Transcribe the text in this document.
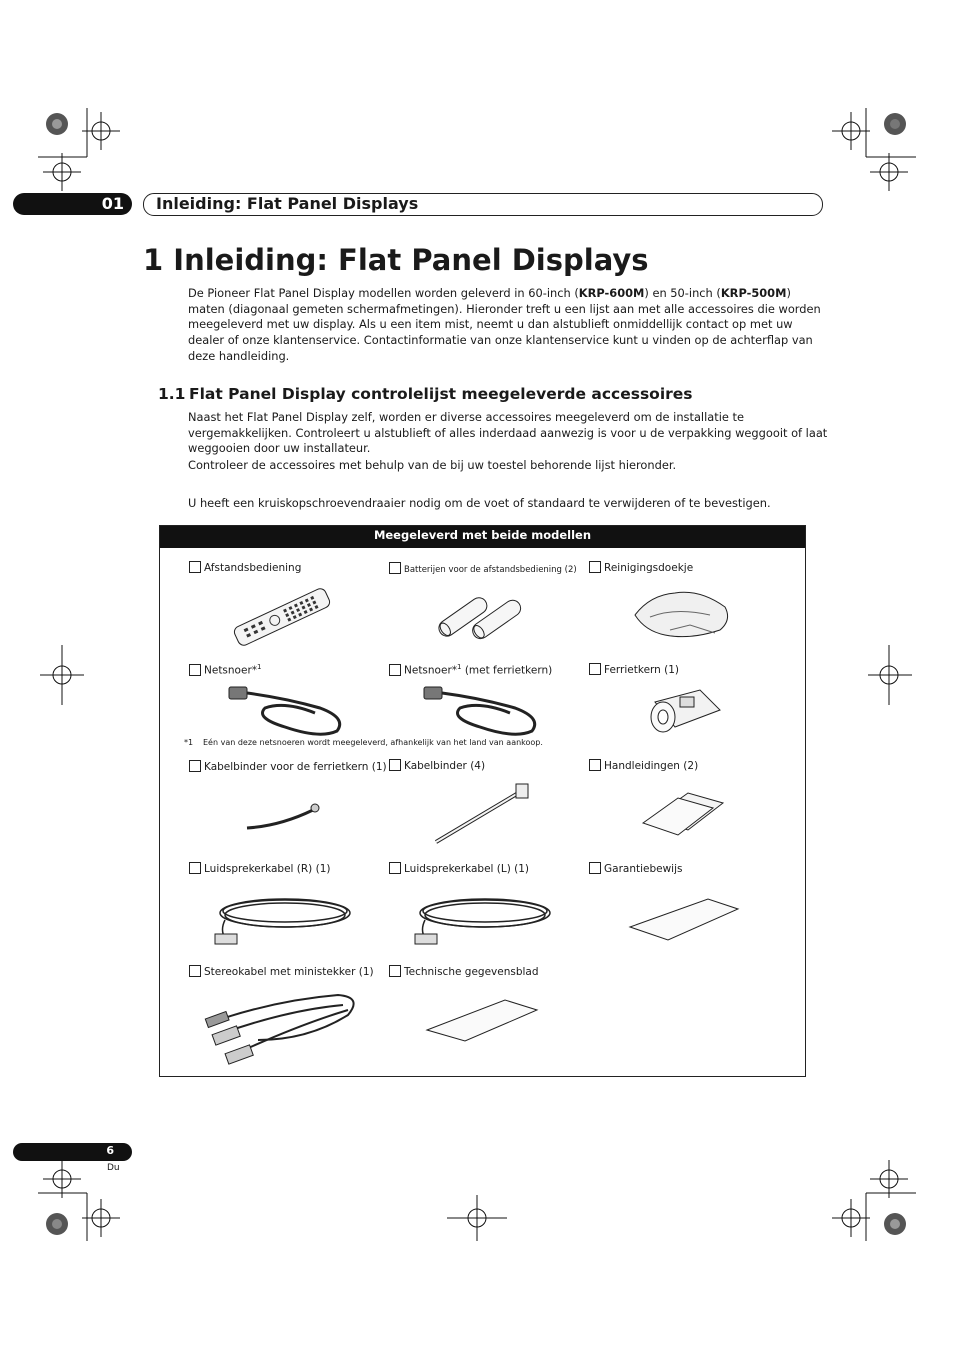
01 Inleiding: Flat Panel Displays
1 Inleiding: Flat Panel Displays
De Pioneer Flat Panel Display modellen worden geleverd in 60-inch (KRP-600M) en 50-inch (KRP-500M) maten (diagonaal gemeten schermafmetingen). Hieronder treft u een lijst aan met alle accessoires die worden meegeleverd met uw display. Als u een item mist, neemt u dan alstublieft onmiddellijk contact op met uw dealer of onze klantenservice. Contactinformatie van onze klantenservice kunt u vinden op de achterflap van deze handleiding.
1.1 Flat Panel Display controlelijst meegeleverde accessoires

Naast het Flat Panel Display zelf, worden er diverse accessoires meegeleverd om de installatie te vergemakkelijken. Controleert u alstublieft of alles inderdaad aanwezig is voor u de verpakking weggooit of laat weggooien door uw installateur.

Controleer de accessoires met behulp van de bij uw toestel behorende lijst hieronder.

U heeft een kruiskopschroevendraaier nodig om de voet of standaard te verwijderen of te bevestigen.

Meegeleverd met beide modellen
Afstandsbediening	Batterijen voor de afstandsbediening (2)	Reinigingsdoekje
Netsnoer*$^1$	Netsnoer*$^1$ (met ferrietkern)	Ferrietkern (1)
*1 Eén van deze netsnoeren wordt meegeleverd, afhankelijk van het land van aankoop.
Kabelbinder voor de ferrietkern (1)	Kabelbinder (4)	Handleidingen (2)
Luidsprekerkabel (R) (1)	Luidsprekerkabel (L) (1)	Garantiebewijs
Stereokabel met ministekker (1)	Technische gegevensblad
6
Du
